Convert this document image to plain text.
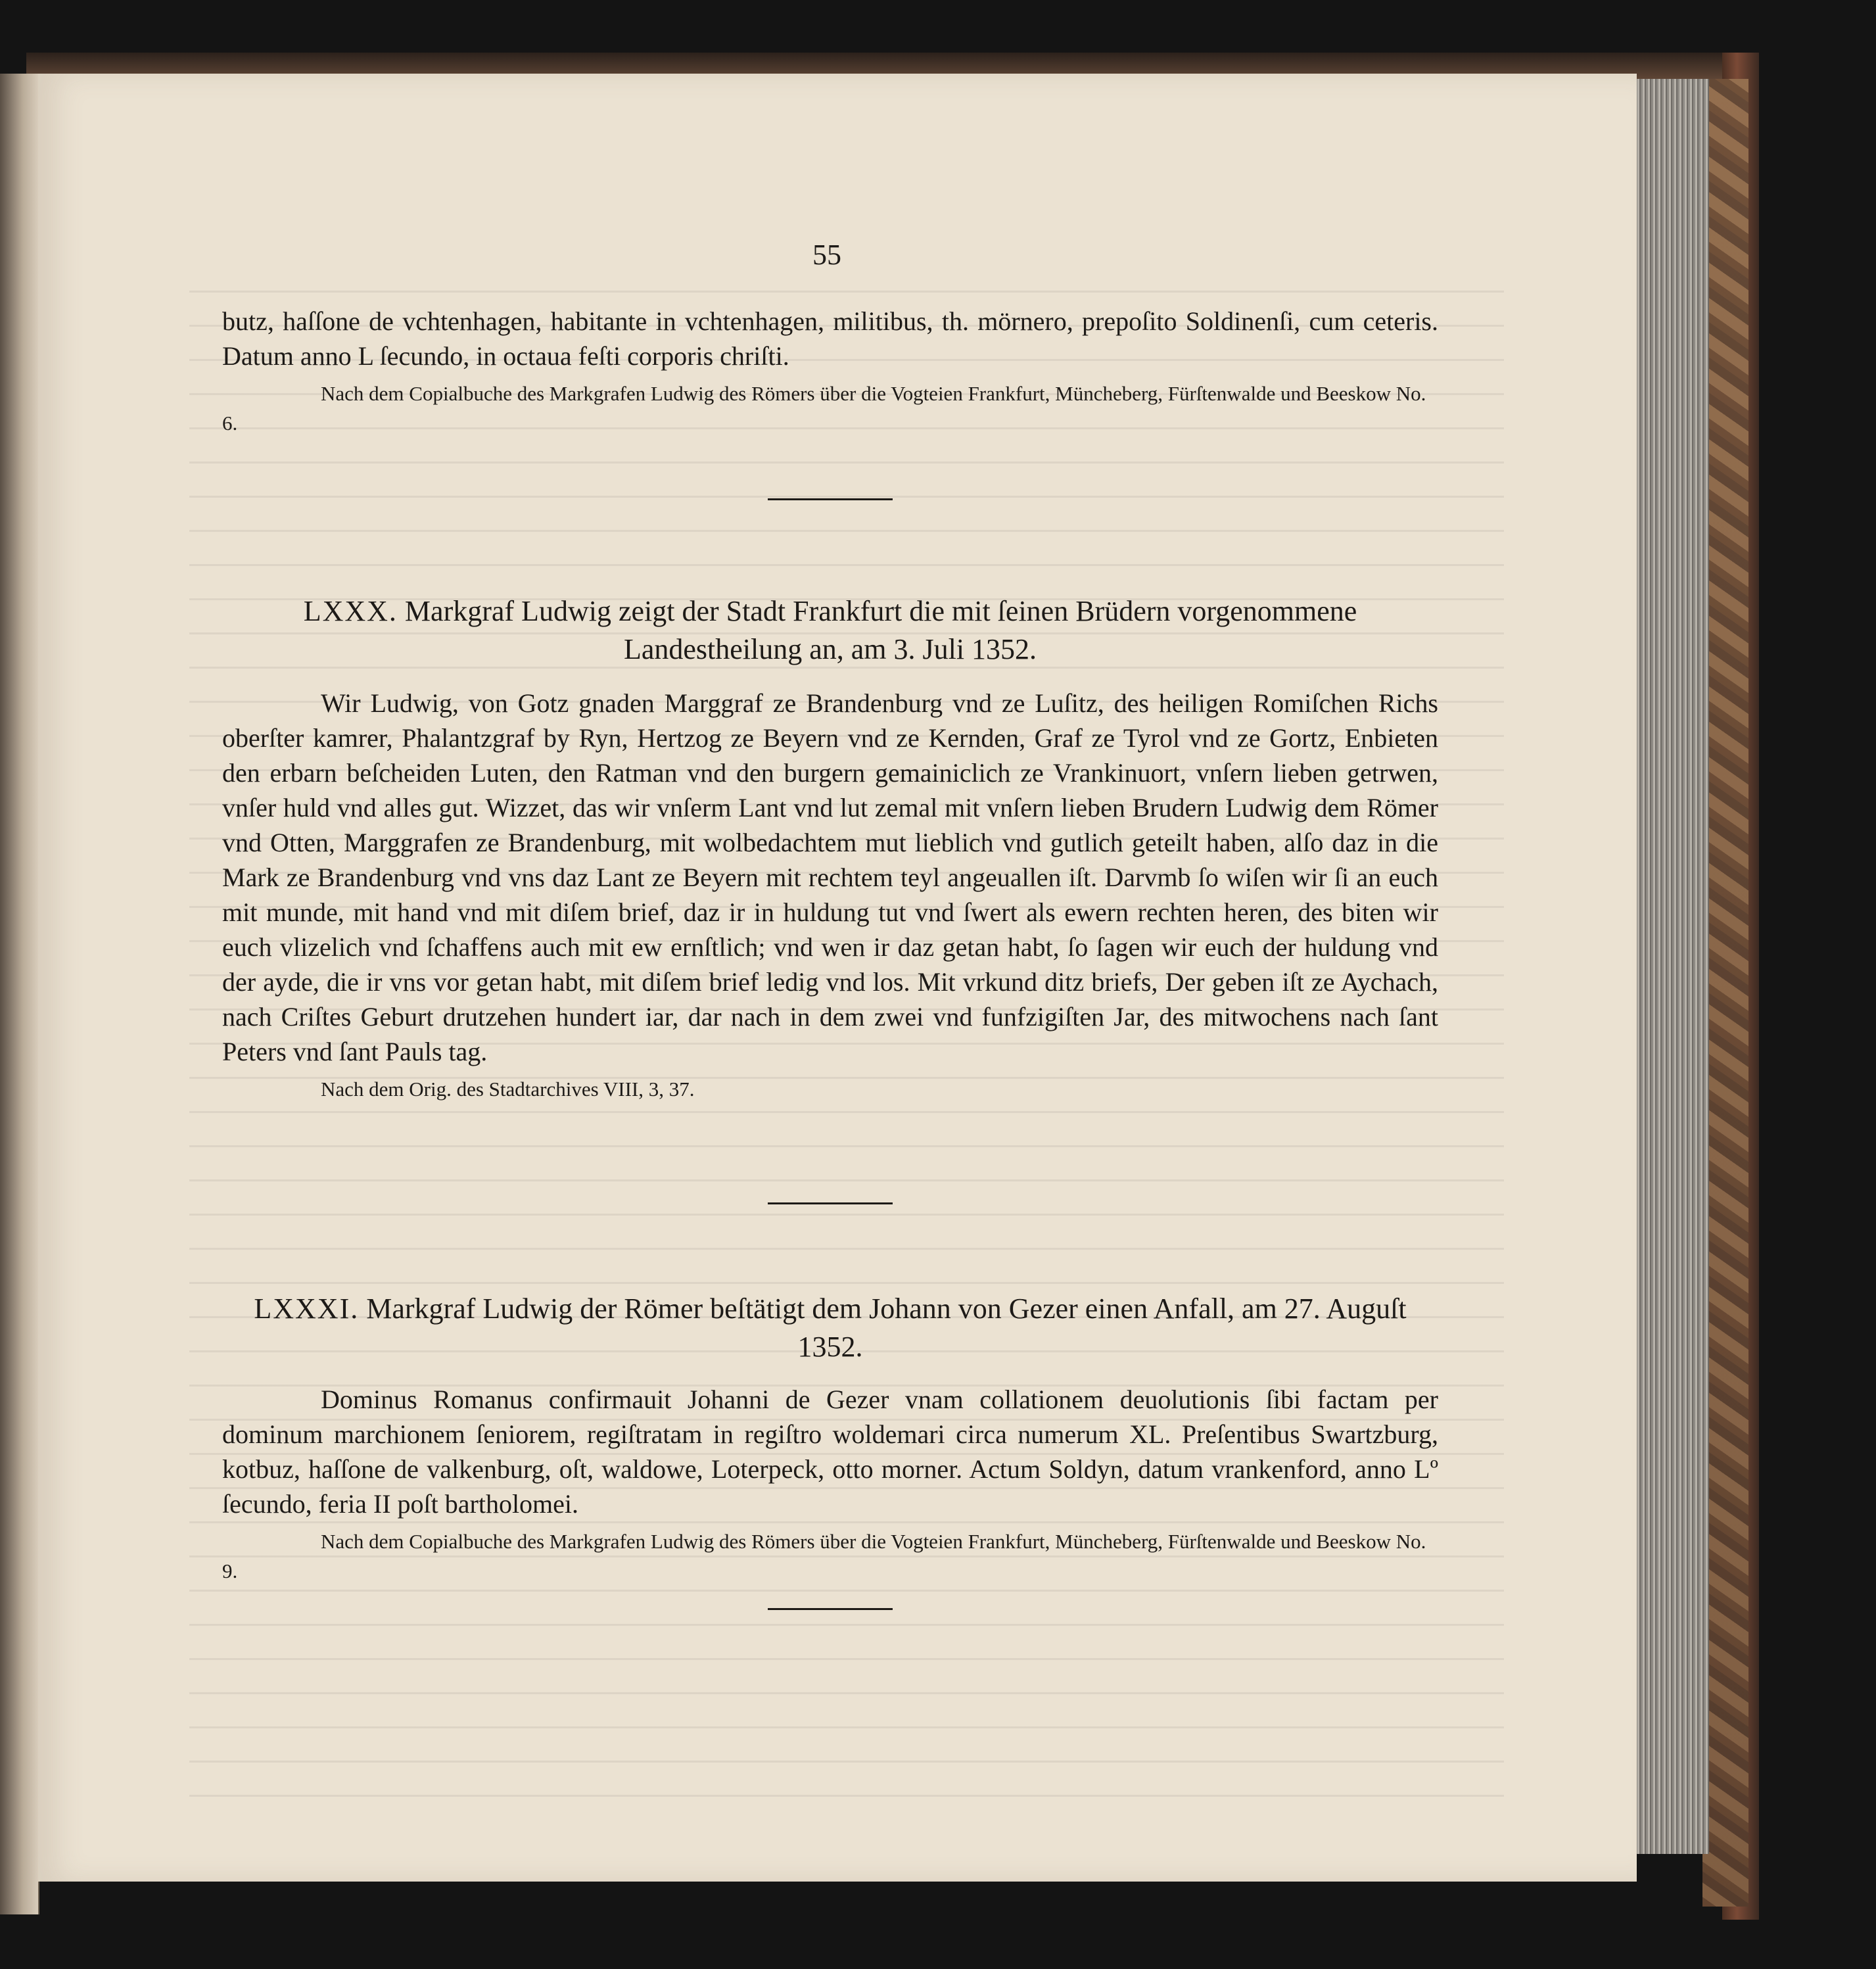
55

butz, haſſone de vchtenhagen, habitante in vchtenhagen, militibus, th. mörnero, prepoſito Soldinenſi, cum ceteris. Datum anno L ſecundo, in octaua feſti corporis chriſti.

Nach dem Copialbuche des Markgrafen Ludwig des Römers über die Vogteien Frankfurt, Müncheberg, Fürſtenwalde und Beeskow No. 6.

LXXX. Markgraf Ludwig zeigt der Stadt Frankfurt die mit ſeinen Brüdern vorgenommene Landestheilung an, am 3. Juli 1352.

Wir Ludwig, von Gotz gnaden Marggraf ze Brandenburg vnd ze Luſitz, des heiligen Romiſchen Richs oberſter kamrer, Phalantzgraf by Ryn, Hertzog ze Beyern vnd ze Kernden, Graf ze Tyrol vnd ze Gortz, Enbieten den erbarn beſcheiden Luten, den Ratman vnd den burgern gemainiclich ze Vrankinuort, vnſern lieben getrwen, vnſer huld vnd alles gut. Wizzet, das wir vnſerm Lant vnd lut zemal mit vnſern lieben Brudern Ludwig dem Römer vnd Otten, Marggrafen ze Brandenburg, mit wolbedachtem mut lieblich vnd gutlich geteilt haben, alſo daz in die Mark ze Brandenburg vnd vns daz Lant ze Beyern mit rechtem teyl angeuallen iſt. Darvmb ſo wiſen wir ſi an euch mit munde, mit hand vnd mit diſem brief, daz ir in huldung tut vnd ſwert als ewern rechten heren, des biten wir euch vlizelich vnd ſchaffens auch mit ew ernſtlich; vnd wen ir daz getan habt, ſo ſagen wir euch der huldung vnd der ayde, die ir vns vor getan habt, mit diſem brief ledig vnd los. Mit vrkund ditz briefs, Der geben iſt ze Aychach, nach Criſtes Geburt drutzehen hundert iar, dar nach in dem zwei vnd funfzigiſten Jar, des mitwochens nach ſant Peters vnd ſant Pauls tag.

Nach dem Orig. des Stadtarchives VIII, 3, 37.

LXXXI. Markgraf Ludwig der Römer beſtätigt dem Johann von Gezer einen Anfall, am 27. Auguſt 1352.

Dominus Romanus confirmauit Johanni de Gezer vnam collationem deuolutionis ſibi factam per dominum marchionem ſeniorem, regiſtratam in regiſtro woldemari circa numerum XL. Preſentibus Swartzburg, kotbuz, haſſone de valkenburg, oſt, waldowe, Loterpeck, otto morner. Actum Soldyn, datum vrankenford, anno Lº ſecundo, feria II poſt bartholomei.

Nach dem Copialbuche des Markgrafen Ludwig des Römers über die Vogteien Frankfurt, Müncheberg, Fürſtenwalde und Beeskow No. 9.
